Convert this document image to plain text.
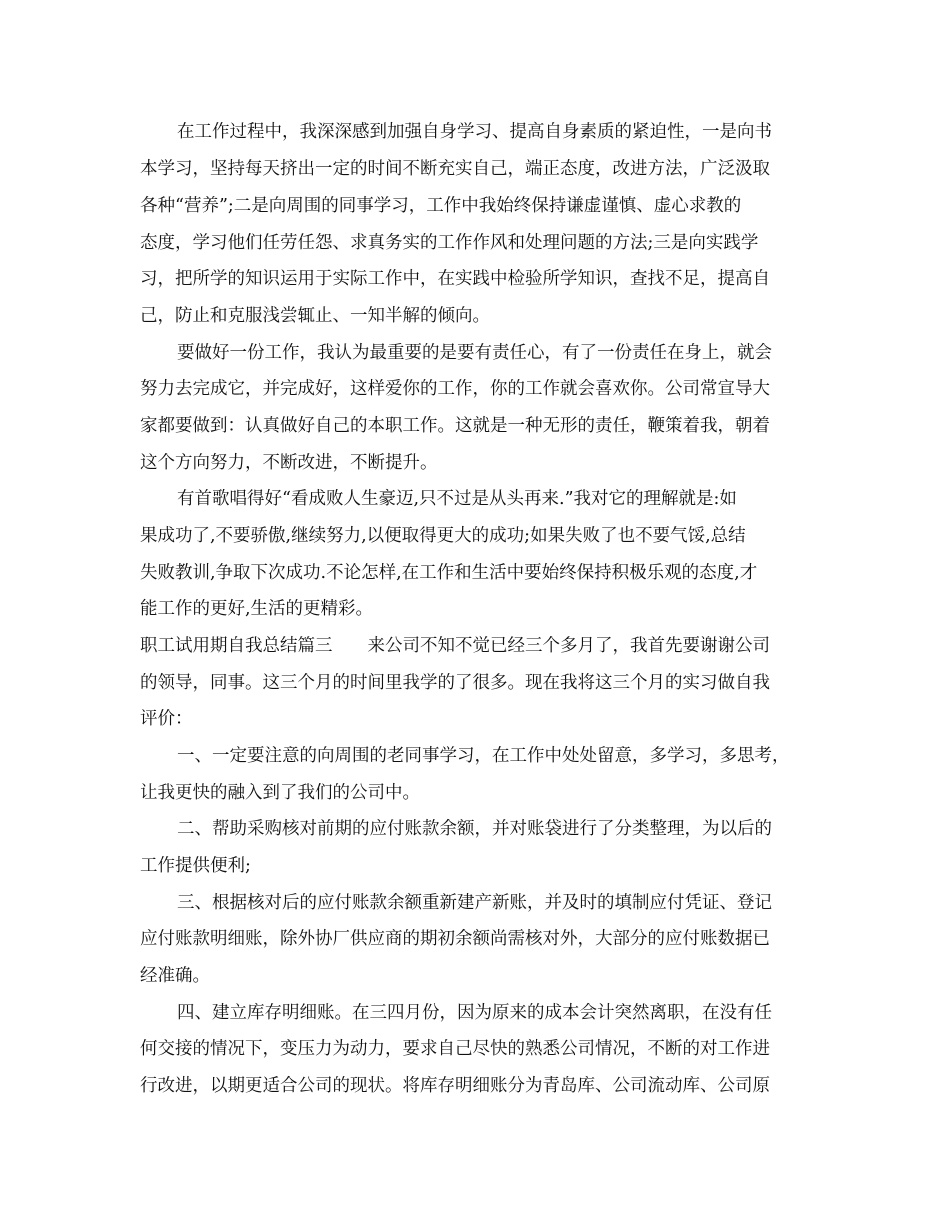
在工作过程中，我深深感到加强自身学习、提高自身素质的紧迫性，一是向书
本学习，坚持每天挤出一定的时间不断充实自己，端正态度，改进方法，广泛汲取
各种“营养”;二是向周围的同事学习，工作中我始终保持谦虚谨慎、虚心求教的
态度，学习他们任劳任怨、求真务实的工作作风和处理问题的方法;三是向实践学
习，把所学的知识运用于实际工作中，在实践中检验所学知识，查找不足，提高自
己，防止和克服浅尝辄止、一知半解的倾向。
要做好一份工作，我认为最重要的是要有责任心，有了一份责任在身上，就会
努力去完成它，并完成好，这样爱你的工作，你的工作就会喜欢你。公司常宣导大
家都要做到：认真做好自己的本职工作。这就是一种无形的责任，鞭策着我，朝着
这个方向努力，不断改进，不断提升。
有首歌唱得好“看成败人生豪迈,只不过是从头再来.”我对它的理解就是:如
果成功了,不要骄傲,继续努力,以便取得更大的成功;如果失败了也不要气馁,总结
失败教训,争取下次成功.不论怎样,在工作和生活中要始终保持积极乐观的态度,才
能工作的更好,生活的更精彩。
职工试用期自我总结篇三　　来公司不知不觉已经三个多月了，我首先要谢谢公司
的领导，同事。这三个月的时间里我学的了很多。现在我将这三个月的实习做自我
评价：
一、一定要注意的向周围的老同事学习，在工作中处处留意，多学习，多思考，
让我更快的融入到了我们的公司中。
二、帮助采购核对前期的应付账款余额，并对账袋进行了分类整理，为以后的
工作提供便利;
三、根据核对后的应付账款余额重新建产新账，并及时的填制应付凭证、登记
应付账款明细账，除外协厂供应商的期初余额尚需核对外，大部分的应付账数据已
经准确。
四、建立库存明细账。在三四月份，因为原来的成本会计突然离职，在没有任
何交接的情况下，变压力为动力，要求自己尽快的熟悉公司情况，不断的对工作进
行改进，以期更适合公司的现状。将库存明细账分为青岛库、公司流动库、公司原
